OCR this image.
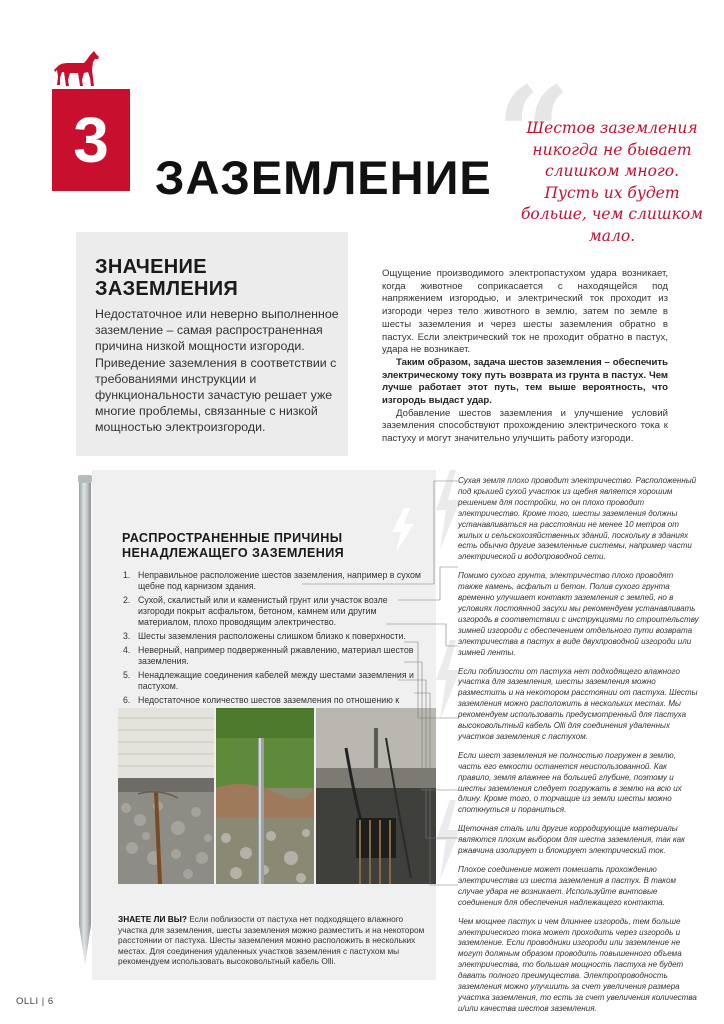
3
ЗАЗЕМЛЕНИЕ “
Шестов заземления никогда не бывает слишком много. Пусть их будет больше, чем слишком мало.
ЗНАЧЕНИЕ ЗАЗЕМЛЕНИЯ

Недостаточное или неверно выполненное заземление – самая распространенная причина низкой мощности изгороди. Приведение заземления в соответствии с требованиями инструкции и функциональности зачастую решает уже многие проблемы, связанные с низкой мощностью электроизгороди.

Ощущение производимого электропастухом удара возникает, когда животное соприкасается с находящейся под напряжением изгородью, и электрический ток проходит из изгороди через тело животного в землю, затем по земле в шесты заземления и через шесты заземления обратно в пастух. Если электрический ток не проходит обратно в пастух, удара не возникает.

Таким образом, задача шестов заземления – обеспечить электрическому току путь возврата из грунта в пастух. Чем лучше работает этот путь, тем выше вероятность, что изгородь выдаст удар.

Добавление шестов заземления и улучшение условий заземления способствуют прохождению электрического тока к пастуху и могут значительно улучшить работу изгороди.

РАСПРОСТРАНЕННЫЕ ПРИЧИНЫ НЕНАДЛЕЖАЩЕГО ЗАЗЕМЛЕНИЯ
1. Неправильное расположение шестов заземления, например в сухом щебне под карнизом здания.
2. Сухой, скалистый или и каменистый грунт или участок возле изгороди покрыт асфальтом, бетоном, камнем или другим материалом, плохо проводящим электричество.
3. Шесты заземления расположены слишком близко к поверхности.
4. Неверный, например подверженный ржавлению, материал шестов заземления.
5. Ненадлежащие соединения кабелей между шестами заземления и пастухом.
6. Недостаточное количество шестов заземления по отношению к

ЗНАЕТЕ ЛИ ВЫ? Если поблизости от пастуха нет подходящего влажного участка для заземления, шесты заземления можно разместить и на некотором расстоянии от пастуха. Шесты заземления можно расположить в нескольких местах. Для соединения удаленных участков заземления с пастухом мы рекомендуем использовать высоковольтный кабель Olli.

Сухая земля плохо проводит электричество. Расположенный под крышей сухой участок из щебня является хорошим решением для постройки, но он плохо проводит электричество. Кроме того, шесты заземления должны устанавливаться на расстоянии не менее 10 метров от жилых и сельскохозяйственных зданий, поскольку в зданиях есть обычно другие заземленные системы, например части электрической и водопроводной сети.

Помимо сухого грунта, электричество плохо проводят также камень, асфальт и бетон. Полив сухого грунта временно улучшает контакт заземления с землей, но в условиях постоянной засухи мы рекомендуем устанавливать изгородь в соответствии с инструкциями по строительству зимней изгороди с обеспечением отдельного пути возврата электричества в пастух в виде двухпроводной изгороди или зимней ленты.

Если поблизости от пастуха нет подходящего влажного участка для заземления, шесты заземления можно разместить и на некотором расстоянии от пастуха. Шесты заземления можно расположить в нескольких местах. Мы рекомендуем использовать предусмотренный для пастуха высоковольтный кабель Olli для соединения удаленных участков заземления с пастухом.

Если шест заземления не полностью погружен в землю, часть его емкости останется неиспользованной. Как правило, земля влажнее на большей глубине, поэтому и шесты заземления следует погружать в землю на всю их длину. Кроме того, о торчащие из земли шесты можно споткнуться и пораниться.

Щеточная сталь или другие корродирующие материалы являются плохим выбором для шеста заземления, так как ржавчина изолирует и блокирует электрический ток.

Плохое соединение может помешать прохождению электричества из шеста заземления в пастух. В таком случае удара не возникает. Используйте винтовые соединения для обеспечения надлежащего контакта.

Чем мощнее пастух и чем длиннее изгородь, тем больше электрического тока может проходить через изгородь и заземление. Если проводники изгороди или заземление не могут должным образом проводить повышенного объема электричества, то большая мощность пастуха не будет давать полного преимущества. Электропроводность заземления можно улучшить за счет увеличения размера участка заземления, то есть за счет увеличения количества и/или качества шестов заземления.

OLLI | 6
